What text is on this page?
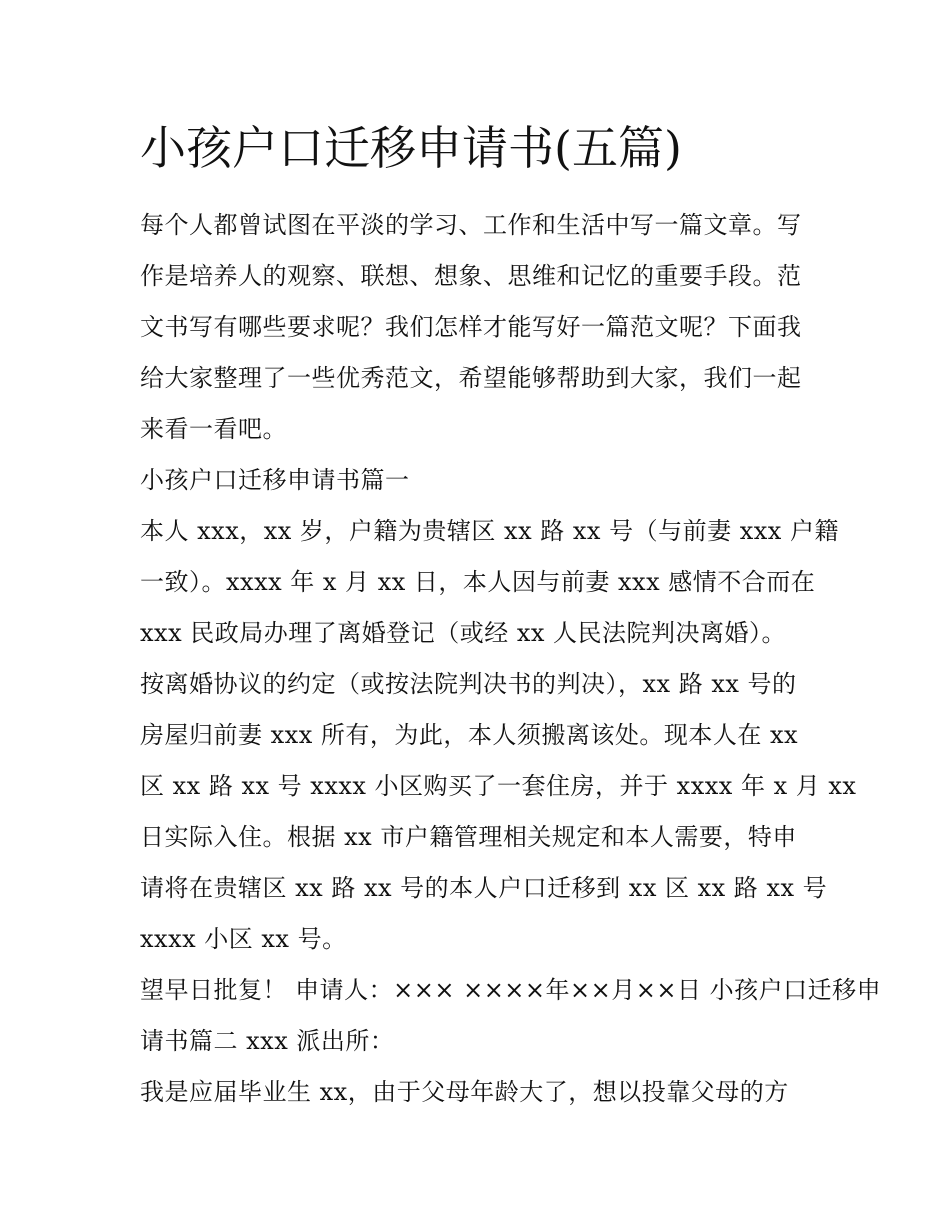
小孩户口迁移申请书(五篇)

每个人都曾试图在平淡的学习、工作和生活中写一篇文章。写

作是培养人的观察、联想、想象、思维和记忆的重要手段。范

文书写有哪些要求呢？我们怎样才能写好一篇范文呢？下面我

给大家整理了一些优秀范文，希望能够帮助到大家，我们一起

来看一看吧。

小孩户口迁移申请书篇一

本人 xxx，xx 岁，户籍为贵辖区 xx 路 xx 号（与前妻 xxx 户籍

一致）。xxxx 年 x 月 xx 日，本人因与前妻 xxx 感情不合而在

xxx 民政局办理了离婚登记（或经 xx 人民法院判决离婚）。

按离婚协议的约定（或按法院判决书的判决），xx 路 xx 号的

房屋归前妻 xxx 所有，为此，本人须搬离该处。现本人在 xx

区 xx 路 xx 号 xxxx 小区购买了一套住房，并于 xxxx 年 x 月 xx

日实际入住。根据 xx 市户籍管理相关规定和本人需要，特申

请将在贵辖区 xx 路 xx 号的本人户口迁移到 xx 区 xx 路 xx 号

xxxx 小区 xx 号。

望早日批复！ 申请人：××× ××××年××月××日 小孩户口迁移申

请书篇二 xxx 派出所：

我是应届毕业生 xx，由于父母年龄大了，想以投靠父母的方
